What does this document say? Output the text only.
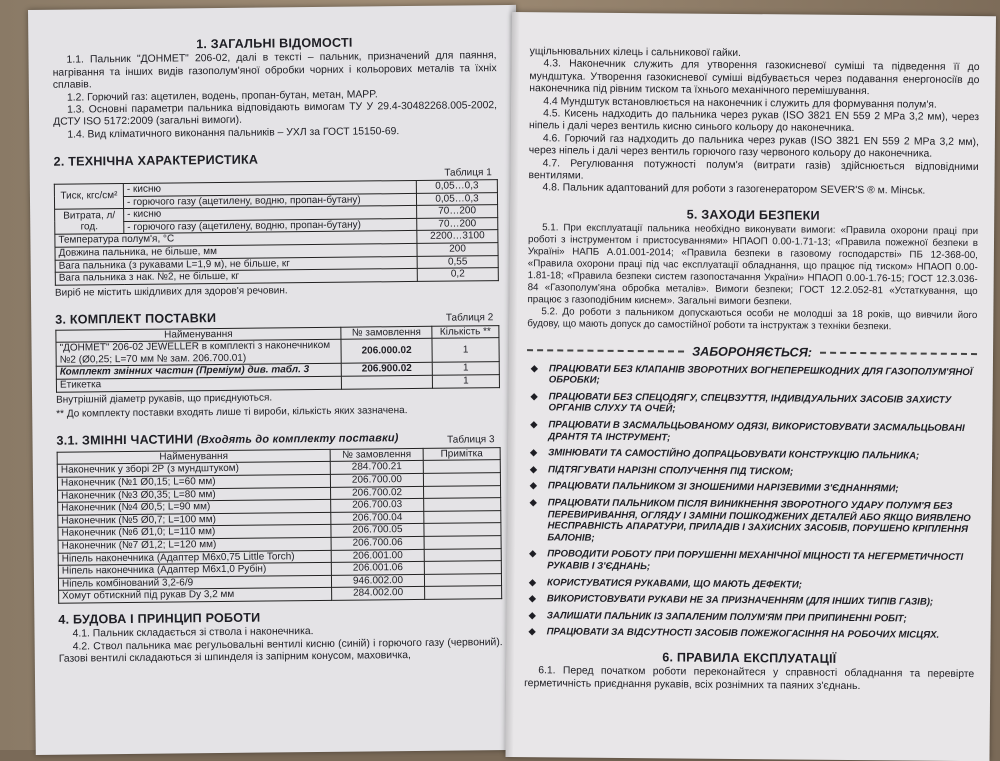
1. ЗАГАЛЬНІ ВІДОМОСТІ

1.1. Пальник "ДОНМЕТ" 206-02, далі в тексті – пальник, призначений для паяння, нагрівання та інших видів газополум'яної обробки чорних і кольорових металів та їхніх сплавів.

1.2. Горючий газ: ацетилен, водень, пропан-бутан, метан, MAPP.

1.3. Основні параметри пальника відповідають вимогам ТУ У 29.4-30482268.005-2002, ДСТУ ISO 5172:2009 (загальні вимоги).

1.4. Вид кліматичного виконання пальників – УХЛ за ГОСТ 15150-69.

2. ТЕХНІЧНА ХАРАКТЕРИСТИКА
Таблиця 1
Тиск, кгс/см²	- кисню	0,05…0,3
	- горючого газу (ацетилену, водню, пропан-бутану)	0,05…0,3
Витрата, л/год.	- кисню	70…200
	- горючого газу (ацетилену, водню, пропан-бутану)	70…200
Температура полум'я, °C		2200…3100
Довжина пальника, не більше, мм		200
Вага пальника (з рукавами L=1,9 м), не більше, кг		0,55
Вага пальника з нак. №2, не більше, кг		0,2

Виріб не містить шкідливих для здоров'я речовин.

3. КОМПЛЕКТ ПОСТАВКИ	Таблиця 2
Найменування	№ замовлення	Кількість **
"ДОНМЕТ" 206-02 JEWELLER в комплекті з наконечником №2 (Ø0,25; L=70 мм № зам. 206.700.01)	206.000.02	1
Комплект змінних частин (Преміум) див. табл. 3	206.900.02	1
Етикетка		1

Внутрішній діаметр рукавів, що приєднуються.

** До комплекту поставки входять лише ті вироби, кількість яких зазначена.

3.1. ЗМІННІ ЧАСТИНИ (Входять до комплекту поставки)	Таблиця 3
Найменування	№ замовлення	Примітка
Наконечник у зборі 2Р (з мундштуком)	284.700.21	
Наконечник (№1 Ø0,15; L=60 мм)	206.700.00	
Наконечник (№3 Ø0,35; L=80 мм)	206.700.02	
Наконечник (№4 Ø0,5; L=90 мм)	206.700.03	
Наконечник (№5 Ø0,7; L=100 мм)	206.700.04	
Наконечник (№6 Ø1,0; L=110 мм)	206.700.05	
Наконечник (№7 Ø1,2; L=120 мм)	206.700.06	
Ніпель наконечника (Адаптер М6х0,75 Little Torch)	206.001.00	
Ніпель наконечника (Адаптер М6х1,0 Рубін)	206.001.06	
Ніпель комбінований 3,2-6/9	946.002.00	
Хомут обтискний під рукав Dy 3,2 мм	284.002.00	
4. БУДОВА І ПРИНЦИП РОБОТИ

4.1. Пальник складається зі ствола і наконечника.

4.2. Ствол пальника має регульовальні вентилі кисню (синій) і горючого газу (червоний). Газові вентилі складаються зі шпинделя із запірним конусом, маховичка,

ущільнювальних кілець і сальникової гайки.

4.3. Наконечник служить для утворення газокисневої суміші та підведення її до мундштука. Утворення газокисневої суміші відбувається через подавання енергоносіїв до наконечника під рівним тиском та їхнього механічного перемішування.

4.4 Мундштук встановлюється на наконечник і служить для формування полум'я.

4.5. Кисень надходить до пальника через рукав (ISO 3821 EN 559 2 MPa 3,2 мм), через ніпель і далі через вентиль кисню синього кольору до наконечника.

4.6. Горючий газ надходить до пальника через рукав (ISO 3821 EN 559 2 MPa 3,2 мм), через ніпель і далі через вентиль горючого газу червоного кольору до наконечника.

4.7. Регулювання потужності полум'я (витрати газів) здійснюється відповідними вентилями.

4.8. Пальник адаптований для роботи з газогенератором SEVER'S ® м. Мінськ.

5. ЗАХОДИ БЕЗПЕКИ

5.1. При експлуатації пальника необхідно виконувати вимоги: «Правила охорони праці при роботі з інструментом і пристосуваннями» НПАОП 0.00-1.71-13; «Правила пожежної безпеки в Україні» НАПБ А.01.001-2014; «Правила безпеки в газовому господарстві» ПБ 12-368-00, «Правила охорони праці під час експлуатації обладнання, що працює під тиском» НПАОП 0.00-1.81-18; «Правила безпеки систем газопостачання України» НПАОП 0.00-1.76-15; ГОСТ 12.3.036-84 «Газополум'яна обробка металів». Вимоги безпеки; ГОСТ 12.2.052-81 «Устаткування, що працює з газоподібним киснем». Загальні вимоги безпеки.

5.2. До роботи з пальником допускаються особи не молодші за 18 років, що вивчили його будову, що мають допуск до самостійної роботи та інструктаж з техніки безпеки.

ЗАБОРОНЯЄТЬСЯ:
◆ ПРАЦЮВАТИ БЕЗ КЛАПАНІВ ЗВОРОТНИХ ВОГНЕПЕРЕШКОДНИХ ДЛЯ ГАЗОПОЛУМ'ЯНОЇ ОБРОБКИ;
◆ ПРАЦЮВАТИ БЕЗ СПЕЦОДЯГУ, СПЕЦВЗУТТЯ, ІНДИВІДУАЛЬНИХ ЗАСОБІВ ЗАХИСТУ ОРГАНІВ СЛУХУ ТА ОЧЕЙ;
◆ ПРАЦЮВАТИ В ЗАСМАЛЬЦЬОВАНОМУ ОДЯЗІ, ВИКОРИСТОВУВАТИ ЗАСМАЛЬЦЬОВАНІ ДРАНТЯ ТА ІНСТРУМЕНТ;
◆ ЗМІНЮВАТИ ТА САМОСТІЙНО ДОПРАЦЬОВУВАТИ КОНСТРУКЦІЮ ПАЛЬНИКА;
◆ ПІДТЯГУВАТИ НАРІЗНІ СПОЛУЧЕННЯ ПІД ТИСКОМ;
◆ ПРАЦЮВАТИ ПАЛЬНИКОМ ЗІ ЗНОШЕНИМИ НАРІЗЕВИМИ З'ЄДНАННЯМИ;
◆ ПРАЦЮВАТИ ПАЛЬНИКОМ ПІСЛЯ ВИНИКНЕННЯ ЗВОРОТНОГО УДАРУ ПОЛУМ'Я БЕЗ ПЕРЕВИРИВАННЯ, ОГЛЯДУ І ЗАМІНИ ПОШКОДЖЕНИХ ДЕТАЛЕЙ АБО ЯКЩО ВИЯВЛЕНО НЕСПРАВНІСТЬ АПАРАТУРИ, ПРИЛАДІВ І ЗАХИСНИХ ЗАСОБІВ, ПОРУШЕНО КРІПЛЕННЯ БАЛОНІВ;
◆ ПРОВОДИТИ РОБОТУ ПРИ ПОРУШЕННІ МЕХАНІЧНОЇ МІЦНОСТІ ТА НЕГЕРМЕТИЧНОСТІ РУКАВІВ І З'ЄДНАНЬ;
◆ КОРИСТУВАТИСЯ РУКАВАМИ, ЩО МАЮТЬ ДЕФЕКТИ;
◆ ВИКОРИСТОВУВАТИ РУКАВИ НЕ ЗА ПРИЗНАЧЕННЯМ (ДЛЯ ІНШИХ ТИПІВ ГАЗІВ);
◆ ЗАЛИШАТИ ПАЛЬНИК ІЗ ЗАПАЛЕНИМ ПОЛУМ'ЯМ ПРИ ПРИПИНЕННІ РОБІТ;
◆ ПРАЦЮВАТИ ЗА ВІДСУТНОСТІ ЗАСОБІВ ПОЖЕЖОГАСІННЯ НА РОБОЧИХ МІСЦЯХ.
6. ПРАВИЛА ЕКСПЛУАТАЦІЇ

6.1. Перед початком роботи переконайтеся у справності обладнання та перевірте герметичність приєднання рукавів, всіх рознімних та паяних з'єднань.
